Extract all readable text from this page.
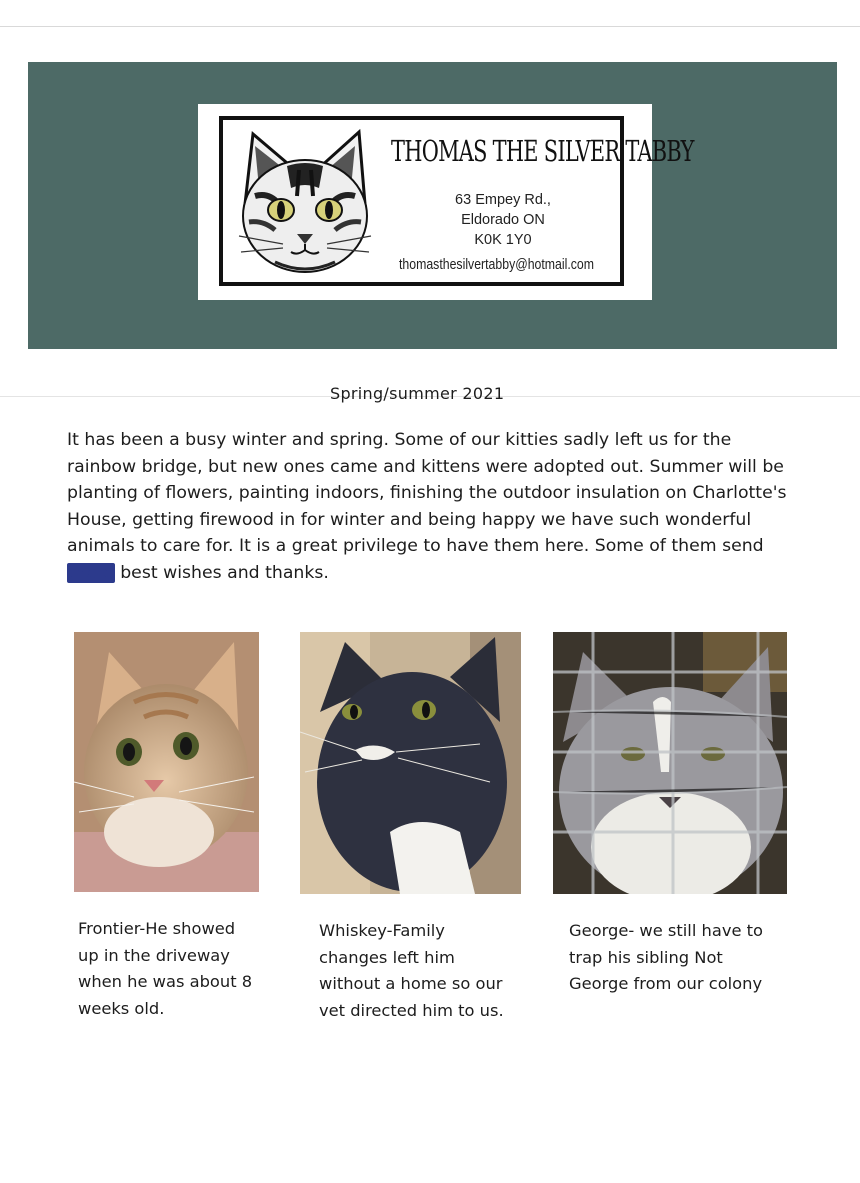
THOMAS THE SILVER TABBY
63 Empey Rd.,
Eldorado ON
K0K 1Y0
thomasthesilvertabby@hotmail.com
Spring/summer 2021
It has been a busy winter and spring. Some of our kitties sadly left us for the
rainbow bridge, but new ones came and kittens were adopted out. Summer will be
planting of flowers, painting indoors, finishing the outdoor insulation on Charlotte's
House, getting firewood in for winter and being happy we have such wonderful
animals to care for. It is a great privilege to have them here. Some of them send
there best wishes and thanks.
Frontier-He showed
up in the driveway
when he was about 8
weeks old.
Whiskey-Family
changes left him
without a home so our
vet directed him to us.
George- we still have to
trap his sibling Not
George from our colony
